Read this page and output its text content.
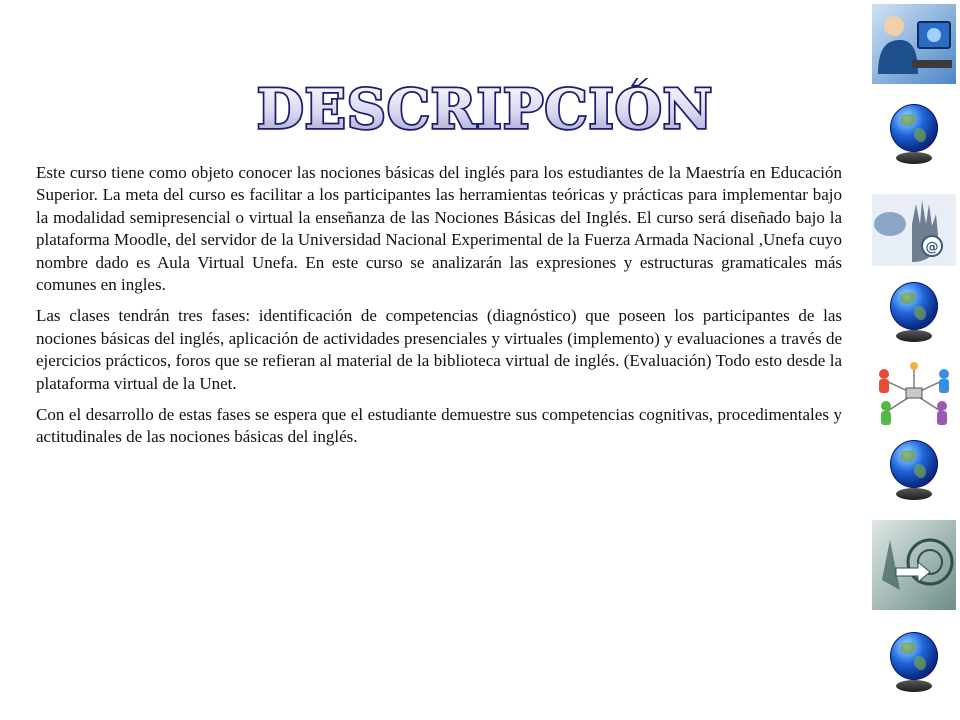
DESCRIPCIÓN

Este curso tiene como objeto conocer las nociones básicas del inglés para los estudiantes de la Maestría en Educación Superior. La meta del curso es facilitar a los participantes las herramientas teóricas y prácticas para implementar bajo la modalidad semipresencial o virtual la enseñanza de las Nociones Básicas del Inglés. El curso será diseñado bajo la plataforma Moodle, del servidor de la Universidad Nacional Experimental de la Fuerza Armada Nacional ,Unefa cuyo nombre dado es Aula Virtual Unefa. En este curso se analizarán las expresiones y estructuras gramaticales más comunes en ingles.

Las clases tendrán tres fases: identificación de competencias (diagnóstico) que poseen los participantes de las nociones básicas del inglés, aplicación de actividades presenciales y virtuales (implemento) y evaluaciones a través de ejercicios prácticos, foros que se refieran al material de la biblioteca virtual de inglés. (Evaluación) Todo esto desde la plataforma virtual de la Unet.

Con el desarrollo de estas fases se espera que el estudiante demuestre sus competencias cognitivas, procedimentales y actitudinales de las nociones básicas del inglés.

@
